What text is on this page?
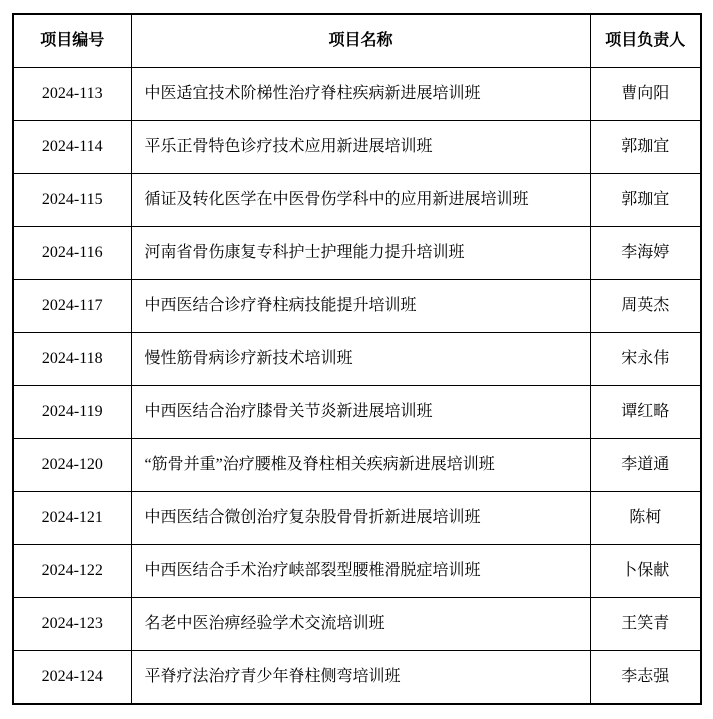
项目编号	项目名称	项目负责人
2024-113	中医适宜技术阶梯性治疗脊柱疾病新进展培训班	曹向阳
2024-114	平乐正骨特色诊疗技术应用新进展培训班	郭珈宜
2024-115	循证及转化医学在中医骨伤学科中的应用新进展培训班	郭珈宜
2024-116	河南省骨伤康复专科护士护理能力提升培训班	李海婷
2024-117	中西医结合诊疗脊柱病技能提升培训班	周英杰
2024-118	慢性筋骨病诊疗新技术培训班	宋永伟
2024-119	中西医结合治疗膝骨关节炎新进展培训班	谭红略
2024-120	“筋骨并重”治疗腰椎及脊柱相关疾病新进展培训班	李道通
2024-121	中西医结合微创治疗复杂股骨骨折新进展培训班	陈柯
2024-122	中西医结合手术治疗峡部裂型腰椎滑脱症培训班	卜保献
2024-123	名老中医治痹经验学术交流培训班	王笑青
2024-124	平脊疗法治疗青少年脊柱侧弯培训班	李志强
